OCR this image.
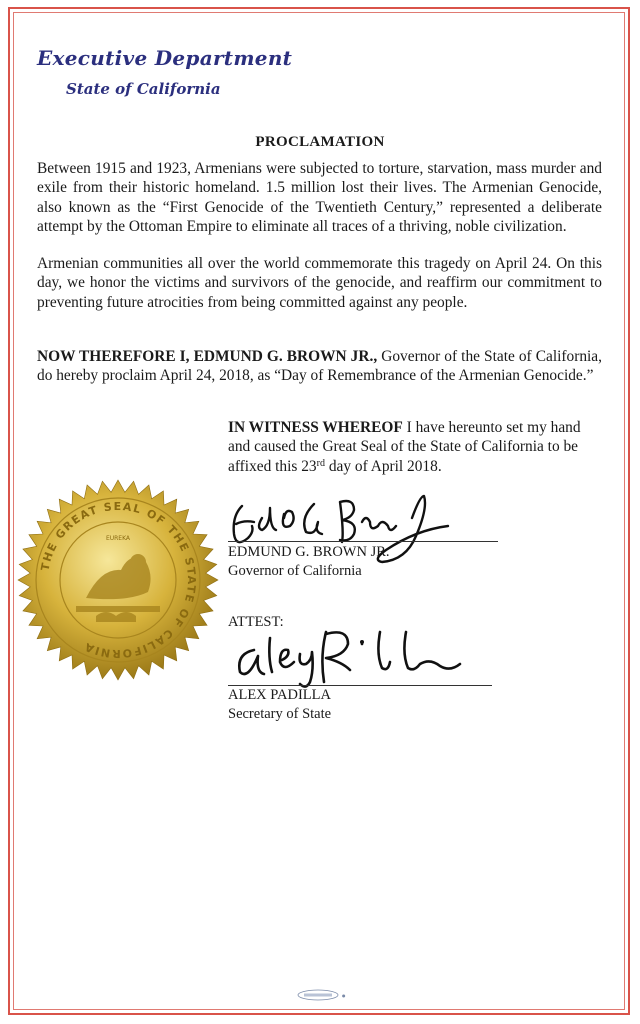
Executive Department
State of California
PROCLAMATION

Between 1915 and 1923, Armenians were subjected to torture, starvation, mass murder and exile from their historic homeland. 1.5 million lost their lives. The Armenian Genocide, also known as the “First Genocide of the Twentieth Century,” represented a deliberate attempt by the Ottoman Empire to eliminate all traces of a thriving, noble civilization.

Armenian communities all over the world commemorate this tragedy on April 24. On this day, we honor the victims and survivors of the genocide, and reaffirm our commitment to preventing future atrocities from being committed against any people.

NOW THEREFORE I, EDMUND G. BROWN JR., Governor of the State of California, do hereby proclaim April 24, 2018, as “Day of Remembrance of the Armenian Genocide.”

IN WITNESS WHEREOF I have hereunto set my hand and caused the Great Seal of the State of California to be affixed this 23rd day of April 2018.

THE GREAT SEAL OF THE STATE OF CALIFORNIA
EUREKA
EDMUND G. BROWN JR.
Governor of California
ATTEST:
ALEX PADILLA
Secretary of State
●
